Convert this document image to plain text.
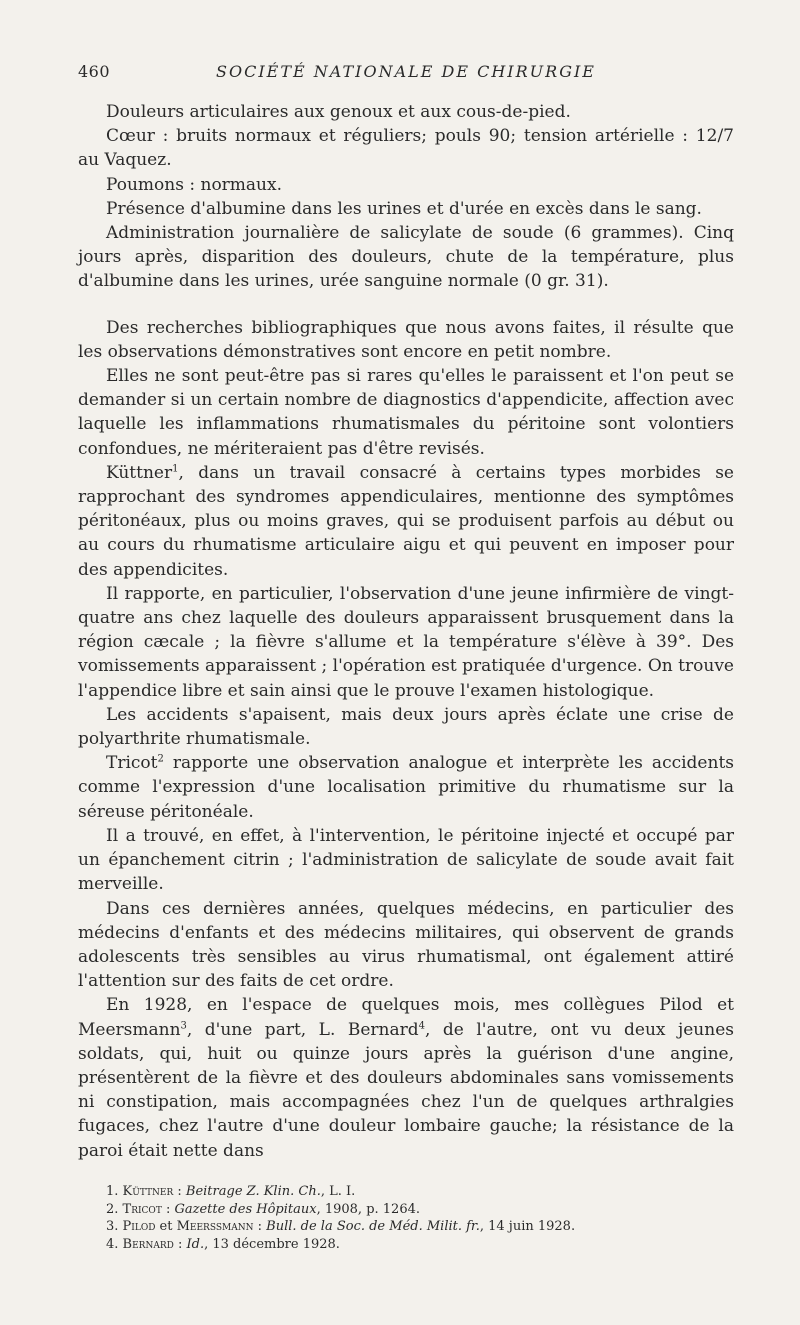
460	SOCIÉTÉ NATIONALE DE CHIRURGIE

Douleurs articulaires aux genoux et aux cous-de-pied.

Cœur : bruits normaux et réguliers; pouls 90; tension artérielle : 12/7 au Vaquez.

Poumons : normaux.

Présence d'albumine dans les urines et d'urée en excès dans le sang.

Administration journalière de salicylate de soude (6 grammes). Cinq jours après, disparition des douleurs, chute de la température, plus d'albumine dans les urines, urée sanguine normale (0 gr. 31).

Des recherches bibliographiques que nous avons faites, il résulte que les observations démonstratives sont encore en petit nombre.

Elles ne sont peut-être pas si rares qu'elles le paraissent et l'on peut se demander si un certain nombre de diagnostics d'appendicite, affection avec laquelle les inflammations rhumatismales du péritoine sont volontiers confondues, ne mériteraient pas d'être revisés.

Küttner$^1$, dans un travail consacré à certains types morbides se rapprochant des syndromes appendiculaires, mentionne des symptômes péritonéaux, plus ou moins graves, qui se produisent parfois au début ou au cours du rhumatisme articulaire aigu et qui peuvent en imposer pour des appendicites.

Il rapporte, en particulier, l'observation d'une jeune infirmière de vingt-quatre ans chez laquelle des douleurs apparaissent brusquement dans la région cæcale ; la fièvre s'allume et la température s'élève à 39°. Des vomissements apparaissent ; l'opération est pratiquée d'urgence. On trouve l'appendice libre et sain ainsi que le prouve l'examen histologique.

Les accidents s'apaisent, mais deux jours après éclate une crise de polyarthrite rhumatismale.

Tricot$^2$ rapporte une observation analogue et interprète les accidents comme l'expression d'une localisation primitive du rhumatisme sur la séreuse péritonéale.

Il a trouvé, en effet, à l'intervention, le péritoine injecté et occupé par un épanchement citrin ; l'administration de salicylate de soude avait fait merveille.

Dans ces dernières années, quelques médecins, en particulier des médecins d'enfants et des médecins militaires, qui observent de grands adolescents très sensibles au virus rhumatismal, ont également attiré l'attention sur des faits de cet ordre.

En 1928, en l'espace de quelques mois, mes collègues Pilod et Meersmann$^3$, d'une part, L. Bernard$^4$, de l'autre, ont vu deux jeunes soldats, qui, huit ou quinze jours après la guérison d'une angine, présentèrent de la fièvre et des douleurs abdominales sans vomissements ni constipation, mais accompagnées chez l'un de quelques arthralgies fugaces, chez l'autre d'une douleur lombaire gauche; la résistance de la paroi était nette dans

1. Küttner : Beitrage Z. Klin. Ch., L. I.

2. Tricot : Gazette des Hôpitaux, 1908, p. 1264.

3. Pilod et Meerssmann : Bull. de la Soc. de Méd. Milit. fr., 14 juin 1928.

4. Bernard : Id., 13 décembre 1928.
